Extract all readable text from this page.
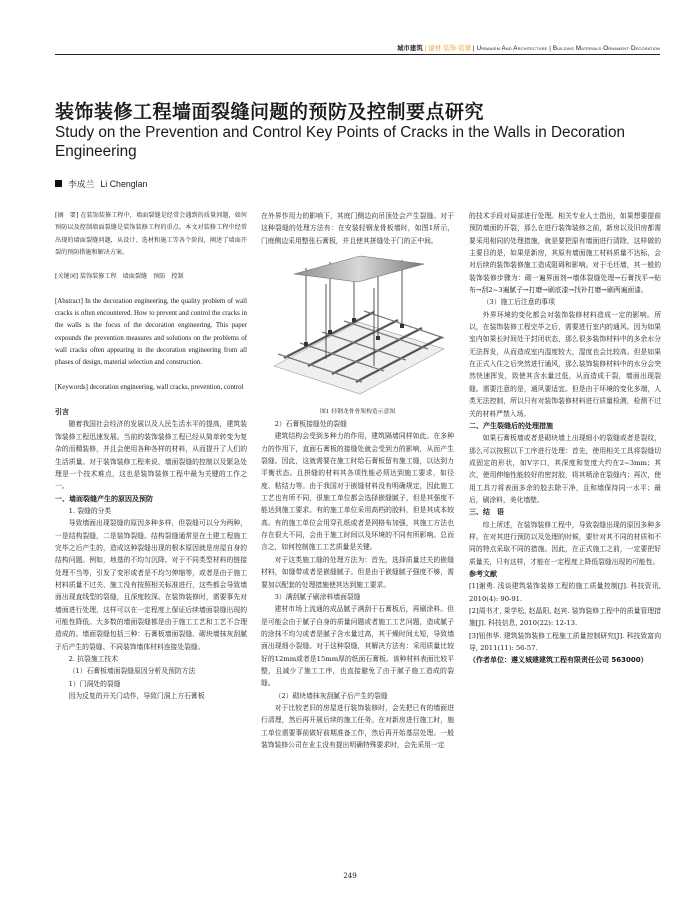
城市建筑 | 建材·装饰·装璜 | Urbanism And Architecture | Building Materials·Ornament·Decoration
装饰装修工程墙面裂缝问题的预防及控制要点研究
Study on the Prevention and Control Key Points of Cracks in the Walls in Decoration Engineering
李成兰 Li Chenglan

[摘　要] 在装饰装修工程中，墙面裂缝是经常会遇到的质量问题，如何预防以及控制墙面裂缝是装饰装修工程的重点。本文对装修工程中经常出现的墙面裂缝问题，从设计、选材和施工等各个阶段，阐述了墙面开裂的预防措施和解决方案。

[关键词] 装饰装修工程　墙面裂缝　预防　控制

[Abstract] In the decoration engineering, the quality problem of wall cracks is often encountered. How to prevent and control the cracks in the walls is the focus of the decoration engineering. This paper expounds the prevention measures and solutions on the problems of wall cracks often appearing in the decoration engineering from all phases of design, material selection and construction.

[Keywords] decoration engineering, wall cracks, prevention, control

引言

随着我国社会经济的发展以及人民生活水平的提高，建筑装饰装修工程迅速发展。当前的装饰装修工程已经从简单转变为复杂的而精装修，并且会使用各种各样的材料，从而提升了人们的生活质量。对于装饰装修工程来说，墙面裂缝的控制以及繁急处理是一个技术难点，这也是装饰装修工程中最为关键的工作之一。

一、墙面裂缝产生的原因及预防

1. 裂缝的分类

导致墙面出现裂缝的原因多种多样，但裂缝可以分为两种，一是结构裂缝，二是装饰裂缝。结构裂缝通常是在土建工程施工完毕之后产生的，造成这种裂缝出现的根本原因就是房屋自身的结构问题。例如，地基的不均匀沉降、对于不同类型材料的链接处理不当等，引发了变形或者是不均匀伸缩等，或者是由于施工材料质量不过关、施工没有按照相关标准进行，这些都会导致墙面出现直线型的裂缝，且深度较深。在装饰装修时，需要事先对墙面进行处理，这样可以在一定程度上保证后续墙面裂缝出现的可能性降低。大多数的墙面裂缝都是由于施工工艺和工艺不合理造成的。墙面裂缝包括三种：石膏板墙面裂缝、砌块墙抹灰刮腻子后产生的裂缝、不同装饰墙体材料连接处裂缝。

2. 抗裂施工技术

（1）石膏板墙面裂缝原因分析及预防方法

1）门洞处的裂缝

因为反复的开关门动作，导致门洞上方石膏板

在外界作用力的影响下，其庭门侧边向吊顶处会产生裂缝。对于这种裂缝的处理方法有：在安装轻钢龙骨板墙时，如图1所示，门庭侧边采用整张石膏板，并且使其拼缝处于门的正中间。

图1 轻钢龙骨骨架构造示意图

2）石膏板接缝处的裂缝

建筑结构会受到多种力的作用，建筑隔墙同样如此。在多种力的作用下，直面石膏板的接缝处就会受到力的影响，从而产生裂缝。因此，这就需要在施工时给石膏板留有施工缝，以达到力平衡状态。且拼缝的材料其各项性能必须达到施工要求，如径度、粘结力等。由于我国对于嵌缝材料没有明确规定，因此施工工艺也有所不同，很施工单位都会选择嵌缝腻子，但是其强度不能达到施工要求。有的施工单位采用高档的胶料，但是其成本较高。有的施工单位会用穿孔纸或者是网格布加强，其施工方法也存在很大不同，会由于施工时间以及环境的不同有所影响。总而言之，如何控制施工工艺质量是关键。

对于这类施工缝的处理方法为：首先，选择质量过关的嵌缝材料，如缝带或者是嵌缝腻子。但是由于嵌缝腻子强度不够，需要加以配套的处理措施使其达到施工要求。

3）满刮腻子刷涂料墙面裂缝

建材市场上流通的成品腻子满刮于石膏板后，再刷涂料。但是可能会由于腻子自身的质量问题或者施工工艺问题，造成腻子的涂抹不均匀或者是腻子含水量过高，其干燥时间太短，导致墙面出现细小裂缝。对于这种裂缝，其解决方法有：采用质量比较好的12mm或者是15mm厚的纸面石膏板。该种材料表面比较平整，且减少了施工工序，也直接避免了由于腻子施工造成的裂缝。

（2）砌块墙抹灰刮腻子后产生的裂缝

对于比较老旧的房屋进行装饰装修时，会先把已有的墙面进行清理，然后再开展后续的施工任务。在对新房进行施工时，施工单位需要事前做好前期准备工作，然后再开始基层处理。一般装饰装修公司在业主没有提出明确特殊要求时，会先采用一定

的技术手段对局部进行处理。相关专业人士指出，如果想要提前预防墙面的开裂，那么在进行装饰装修之前，新房以及旧房都需要采用相同的处理措施，就是要把原有墙面进行清除，这样做的主要目的是，如果是新房，其原有墙面施工材料质量不达标，会对后续的装饰装修施工造成阻碍和影响。对于毛坯墙，其一般的装饰装修步骤为：砌一遍界面剂→墙体裂缝处理→石膏找平→贴布→刮2~3遍腻子→打磨→刷底漆→找补打磨→刷两遍面漆。

（3）施工后注意的事项

外界环境的变化都会对装饰装修材料造成一定的影响。所以，在装饰装修工程完毕之后，需要进行室内的通风。因为如果室内如果长时间处于封闭状态，那么很多装饰材料中的多余水分无法挥发，从而造成室内湿度较大，湿度也会比较高。但是如果在正式入住之后突然进行通风，那么装饰装修材料中的水分会突然快速挥发，致使其含水量过低，从而造成干裂，墙面出现裂缝。需要注意的是，通风要适宜。但是由于环境的变化多端，人类无法控制，所以只有对装饰装修材料进行质量检测，检测不过关的材料严禁入场。

二、产生裂缝后的处理措施

如果石膏板墙或者是砌块墙上出现细小的裂缝或者是裂纹，那么可以按照以下工序进行处理：首先，使用相关工具将裂缝切成固定的形状，如V字口，其深度和宽度大约在2~3mm；其次，使用伸缩性能较好的密封胶，将其喷涂在裂缝内；再次，使用工具刀将表面多余的胶去除干净，且和墙保持同一水平；最后，刷涂料，美化墙壁。

三、结　语

综上所述，在装饰装修工程中，导致裂缝出现的原因多种多样。在对其进行预防以及处理的时候，要针对其不同的材质和不同的特点采取不同的措施。因此，在正式施工之前，一定要把好质量关，只有这样，才能在一定程度上降低裂缝出现的可能性。

参考文献

[1]谢勇. 浅谈建筑装饰装修工程的施工质量控制[J]. 科技资讯, 2010(4): 90-91.

[2]周书才, 果学松, 赵晶阳, 赵宾. 装饰装修工程中的质量管理措施[J]. 科技信息, 2010(22): 12-13.

[3]钮伟华. 建筑装饰装修工程施工质量控制研究[J]. 科技致富向导, 2011(11): 56-57.

（作者单位：遵义城建建筑工程有限责任公司 563000）

249
